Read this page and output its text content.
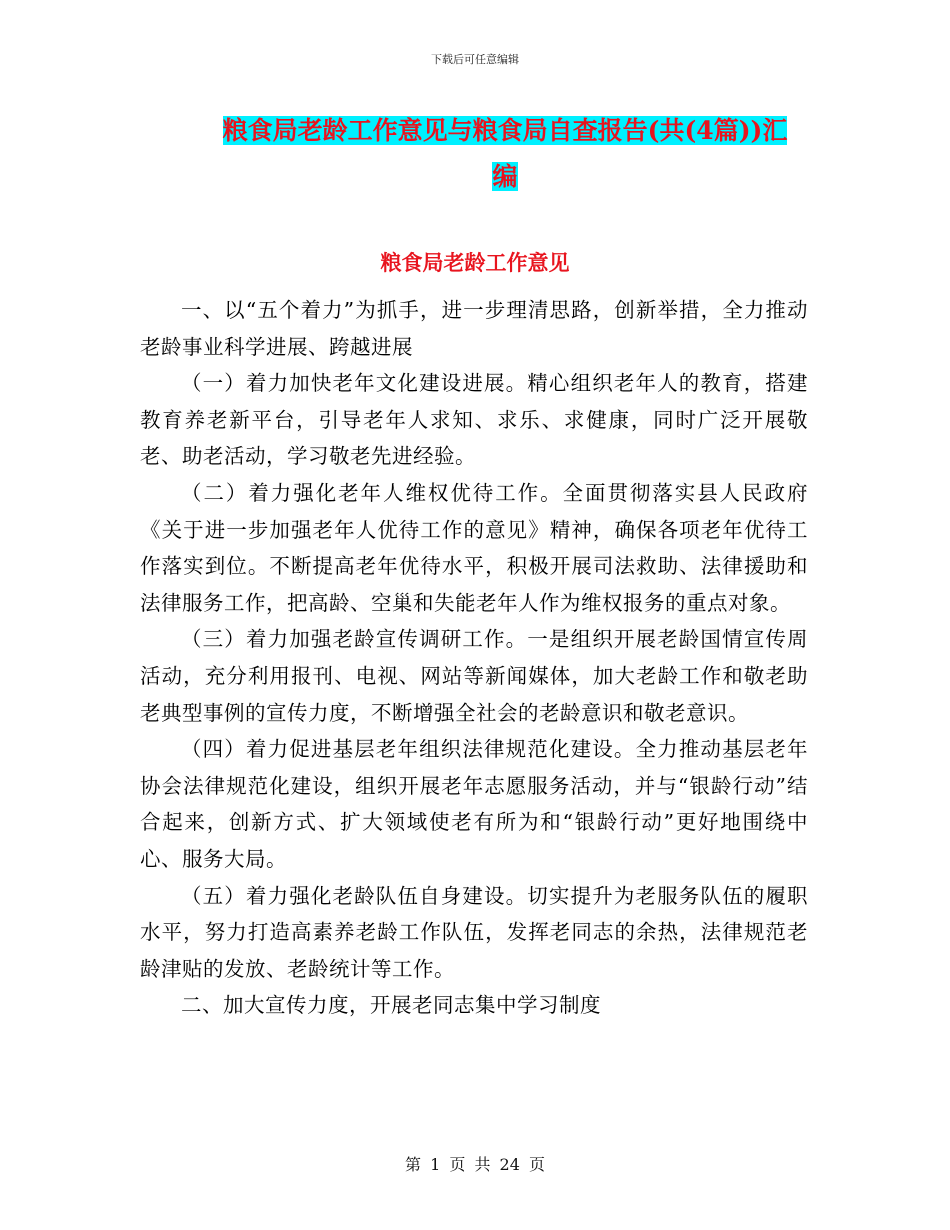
下载后可任意编辑
粮食局老龄工作意见与粮食局自查报告(共(4篇))汇
编
粮食局老龄工作意见

一、以“五个着力”为抓手，进一步理清思路，创新举措，全力推动老龄事业科学进展、跨越进展

（一）着力加快老年文化建设进展。精心组织老年人的教育，搭建教育养老新平台，引导老年人求知、求乐、求健康，同时广泛开展敬老、助老活动，学习敬老先进经验。

（二）着力强化老年人维权优待工作。全面贯彻落实县人民政府《关于进一步加强老年人优待工作的意见》精神，确保各项老年优待工作落实到位。不断提高老年优待水平，积极开展司法救助、法律援助和法律服务工作，把高龄、空巢和失能老年人作为维权报务的重点对象。

（三）着力加强老龄宣传调研工作。一是组织开展老龄国情宣传周活动，充分利用报刊、电视、网站等新闻媒体，加大老龄工作和敬老助老典型事例的宣传力度，不断增强全社会的老龄意识和敬老意识。

（四）着力促进基层老年组织法律规范化建设。全力推动基层老年协会法律规范化建设，组织开展老年志愿服务活动，并与“银龄行动”结合起来，创新方式、扩大领域使老有所为和“银龄行动”更好地围绕中心、服务大局。

（五）着力强化老龄队伍自身建设。切实提升为老服务队伍的履职水平，努力打造高素养老龄工作队伍，发挥老同志的余热，法律规范老龄津贴的发放、老龄统计等工作。

二、加大宣传力度，开展老同志集中学习制度

第 1 页 共 24 页
